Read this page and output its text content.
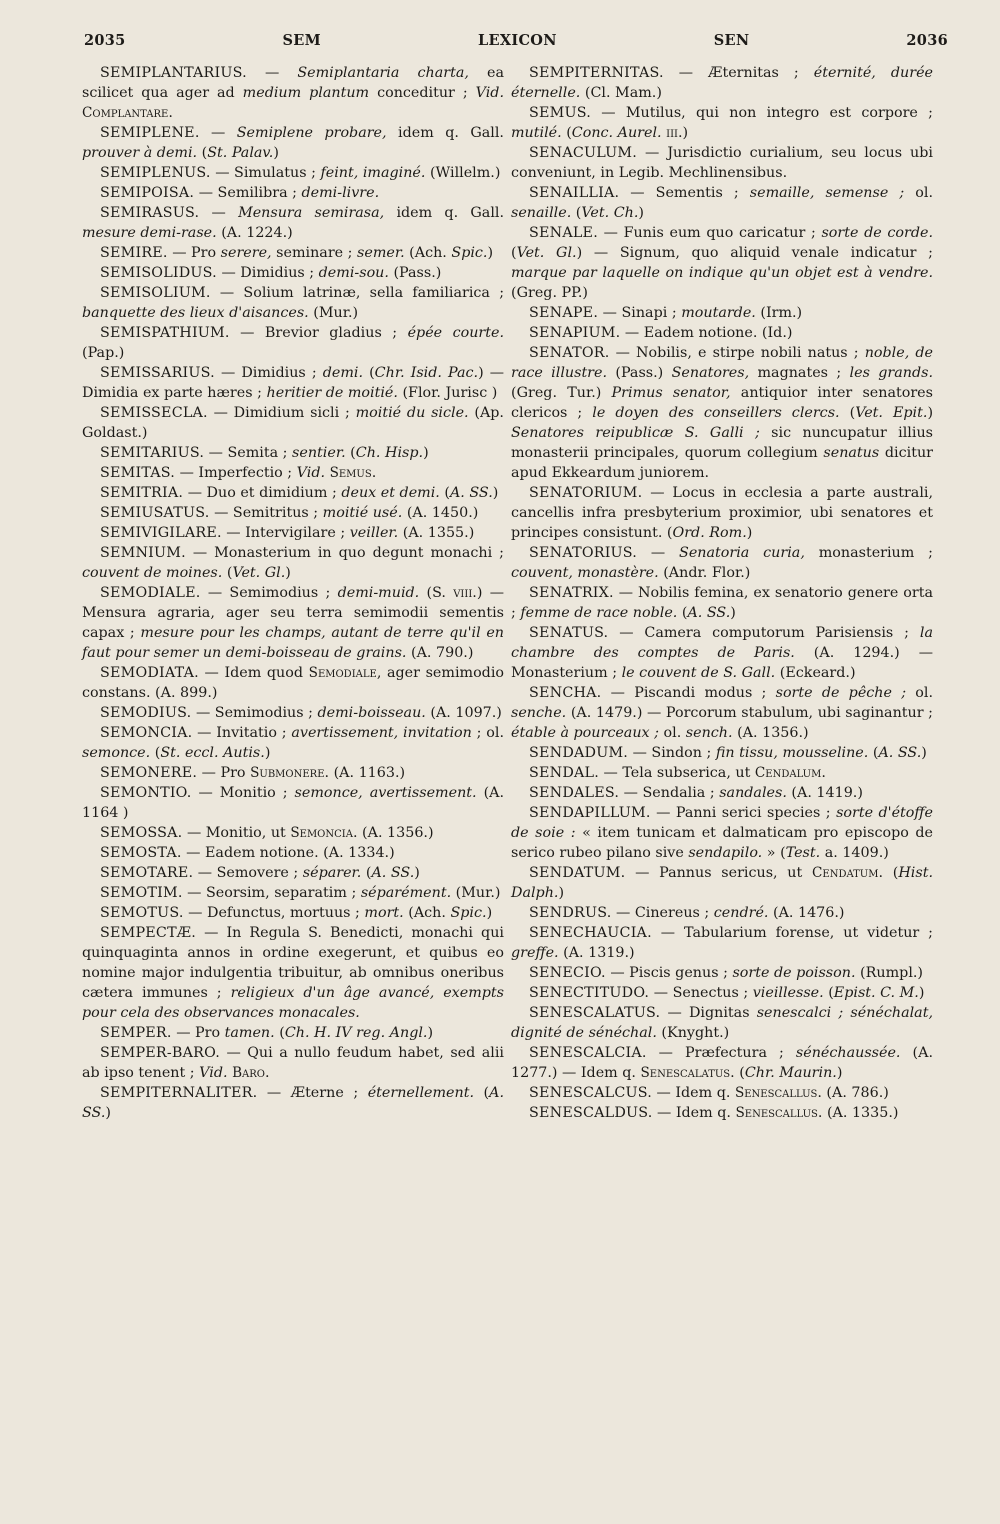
2035	SEM	LEXICON	SEN	2036

SEMIPLANTARIUS. — Semiplantaria charta, ea scilicet qua ager ad medium plantum conceditur ; Vid. Complantare.

SEMIPLENE. — Semiplene probare, idem q. Gall. prouver à demi. (St. Palav.)

SEMIPLENUS. — Simulatus ; feint, imaginé. (Willelm.)

SEMIPOISA. — Semilibra ; demi-livre.

SEMIRASUS. — Mensura semirasa, idem q. Gall. mesure demi-rase. (A. 1224.)

SEMIRE. — Pro serere, seminare ; semer. (Ach. Spic.)

SEMISOLIDUS. — Dimidius ; demi-sou. (Pass.)

SEMISOLIUM. — Solium latrinæ, sella familiarica ; banquette des lieux d'aisances. (Mur.)

SEMISPATHIUM. — Brevior gladius ; épée courte. (Pap.)

SEMISSARIUS. — Dimidius ; demi. (Chr. Isid. Pac.) — Dimidia ex parte hæres ; heritier de moitié. (Flor. Jurisc )

SEMISSECLA. — Dimidium sicli ; moitié du sicle. (Ap. Goldast.)

SEMITARIUS. — Semita ; sentier. (Ch. Hisp.)

SEMITAS. — Imperfectio ; Vid. Semus.

SEMITRIA. — Duo et dimidium ; deux et demi. (A. SS.)

SEMIUSATUS. — Semitritus ; moitié usé. (A. 1450.)

SEMIVIGILARE. — Intervigilare ; veiller. (A. 1355.)

SEMNIUM. — Monasterium in quo degunt monachi ; couvent de moines. (Vet. Gl.)

SEMODIALE. — Semimodius ; demi-muid. (S. viii.) — Mensura agraria, ager seu terra semimodii sementis capax ; mesure pour les champs, autant de terre qu'il en faut pour semer un demi-boisseau de grains. (A. 790.)

SEMODIATA. — Idem quod Semodiale, ager semimodio constans. (A. 899.)

SEMODIUS. — Semimodius ; demi-boisseau. (A. 1097.)

SEMONCIA. — Invitatio ; avertissement, invitation ; ol. semonce. (St. eccl. Autis.)

SEMONERE. — Pro Submonere. (A. 1163.)

SEMONTIO. — Monitio ; semonce, avertissement. (A. 1164 )

SEMOSSA. — Monitio, ut Semoncia. (A. 1356.)

SEMOSTA. — Eadem notione. (A. 1334.)

SEMOTARE. — Semovere ; séparer. (A. SS.)

SEMOTIM. — Seorsim, separatim ; séparément. (Mur.)

SEMOTUS. — Defunctus, mortuus ; mort. (Ach. Spic.)

SEMPECTÆ. — In Regula S. Benedicti, monachi qui quinquaginta annos in ordine exegerunt, et quibus eo nomine major indulgentia tribuitur, ab omnibus oneribus cætera immunes ; religieux d'un âge avancé, exempts pour cela des observances monacales.

SEMPER. — Pro tamen. (Ch. H. IV reg. Angl.)

SEMPER-BARO. — Qui a nullo feudum habet, sed alii ab ipso tenent ; Vid. Baro.

SEMPITERNALITER. — Æterne ; éternellement. (A. SS.)

SEMPITERNITAS. — Æternitas ; éternité, durée éternelle. (Cl. Mam.)

SEMUS. — Mutilus, qui non integro est corpore ; mutilé. (Conc. Aurel. iii.)

SENACULUM. — Jurisdictio curialium, seu locus ubi conveniunt, in Legib. Mechlinensibus.

SENAILLIA. — Sementis ; semaille, semense ; ol. senaille. (Vet. Ch.)

SENALE. — Funis eum quo caricatur ; sorte de corde. (Vet. Gl.) — Signum, quo aliquid venale indicatur ; marque par laquelle on indique qu'un objet est à vendre. (Greg. PP.)

SENAPE. — Sinapi ; moutarde. (Irm.)

SENAPIUM. — Eadem notione. (Id.)

SENATOR. — Nobilis, e stirpe nobili natus ; noble, de race illustre. (Pass.) Senatores, magnates ; les grands. (Greg. Tur.) Primus senator, antiquior inter senatores clericos ; le doyen des conseillers clercs. (Vet. Epit.) Senatores reipublicæ S. Galli ; sic nuncupatur illius monasterii principales, quorum collegium senatus dicitur apud Ekkeardum juniorem.

SENATORIUM. — Locus in ecclesia a parte australi, cancellis infra presbyterium proximior, ubi senatores et principes consistunt. (Ord. Rom.)

SENATORIUS. — Senatoria curia, monasterium ; couvent, monastère. (Andr. Flor.)

SENATRIX. — Nobilis femina, ex senatorio genere orta ; femme de race noble. (A. SS.)

SENATUS. — Camera computorum Parisiensis ; la chambre des comptes de Paris. (A. 1294.) — Monasterium ; le couvent de S. Gall. (Eckeard.)

SENCHA. — Piscandi modus ; sorte de pêche ; ol. senche. (A. 1479.) — Porcorum stabulum, ubi saginantur ; étable à pourceaux ; ol. sench. (A. 1356.)

SENDADUM. — Sindon ; fin tissu, mousseline. (A. SS.)

SENDAL. — Tela subserica, ut Cendalum.

SENDALES. — Sendalia ; sandales. (A. 1419.)

SENDAPILLUM. — Panni serici species ; sorte d'étoffe de soie : « item tunicam et dalmaticam pro episcopo de serico rubeo pilano sive sendapilo. » (Test. a. 1409.)

SENDATUM. — Pannus sericus, ut Cendatum. (Hist. Dalph.)

SENDRUS. — Cinereus ; cendré. (A. 1476.)

SENECHAUCIA. — Tabularium forense, ut videtur ; greffe. (A. 1319.)

SENECIO. — Piscis genus ; sorte de poisson. (Rumpl.)

SENECTITUDO. — Senectus ; vieillesse. (Epist. C. M.)

SENESCALATUS. — Dignitas senescalci ; sénéchalat, dignité de sénéchal. (Knyght.)

SENESCALCIA. — Præfectura ; sénéchaussée. (A. 1277.) — Idem q. Senescalatus. (Chr. Maurin.)

SENESCALCUS. — Idem q. Senescallus. (A. 786.)

SENESCALDUS. — Idem q. Senescallus. (A. 1335.)
